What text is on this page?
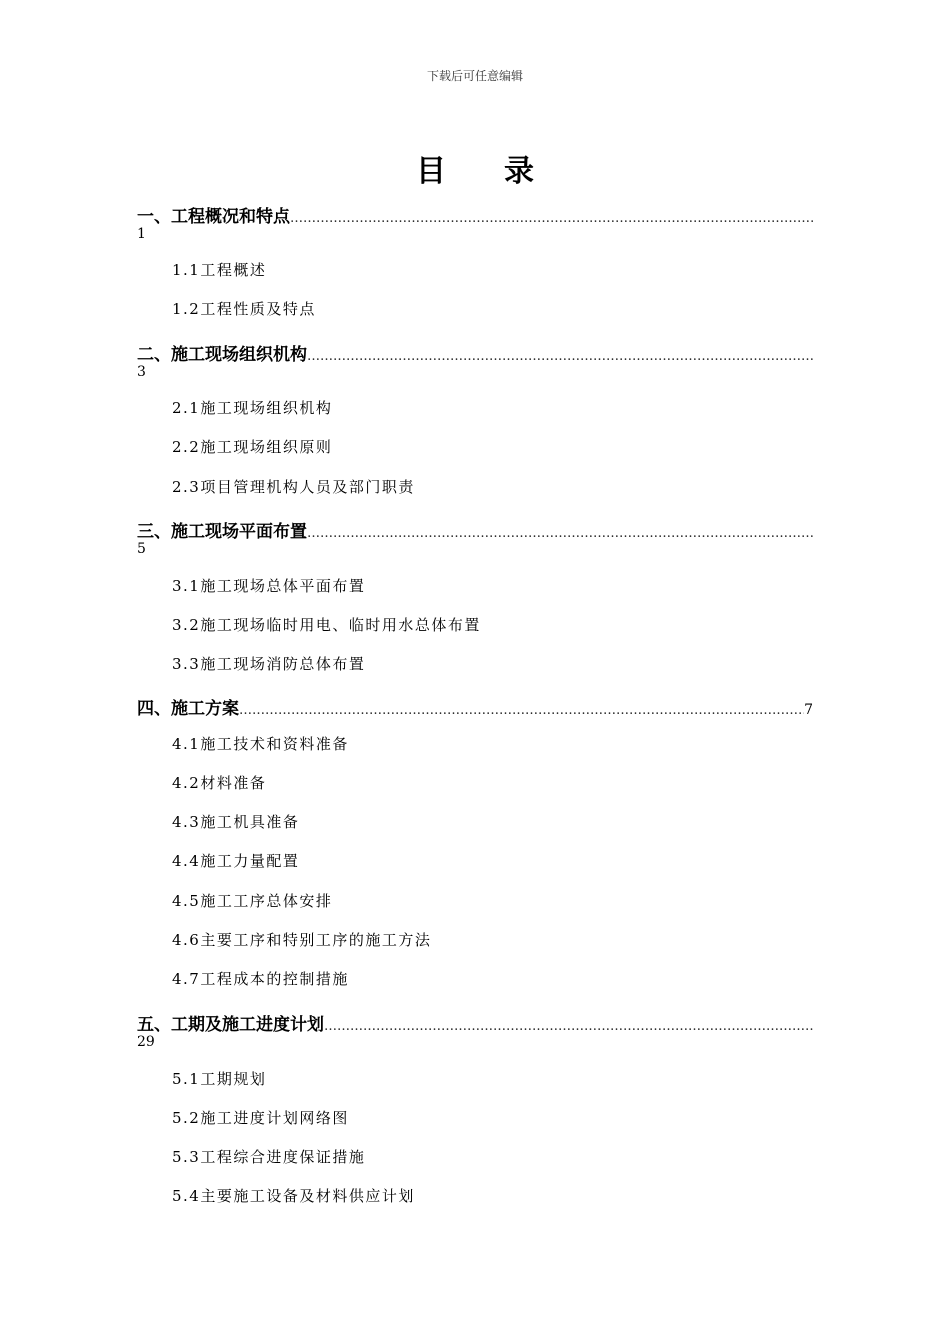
下载后可任意编辑
目录
一、工程概况和特点
………………………………………………………………………………………………………………………………………………………………………………………………
1
1.1工程概述
1.2工程性质及特点
二、施工现场组织机构
………………………………………………………………………………………………………………………………………………………………………………………………
3
2.1施工现场组织机构
2.2施工现场组织原则
2.3项目管理机构人员及部门职责
三、施工现场平面布置
………………………………………………………………………………………………………………………………………………………………………………………………
5
3.1施工现场总体平面布置
3.2施工现场临时用电、临时用水总体布置
3.3施工现场消防总体布置
四、施工方案
………………………………………………………………………………………………………………………………………………………………………………………………	7
4.1施工技术和资料准备
4.2材料准备
4.3施工机具准备
4.4施工力量配置
4.5施工工序总体安排
4.6主要工序和特别工序的施工方法
4.7工程成本的控制措施
五、工期及施工进度计划
………………………………………………………………………………………………………………………………………………………………………………………………
29
5.1工期规划
5.2施工进度计划网络图
5.3工程综合进度保证措施
5.4主要施工设备及材料供应计划
